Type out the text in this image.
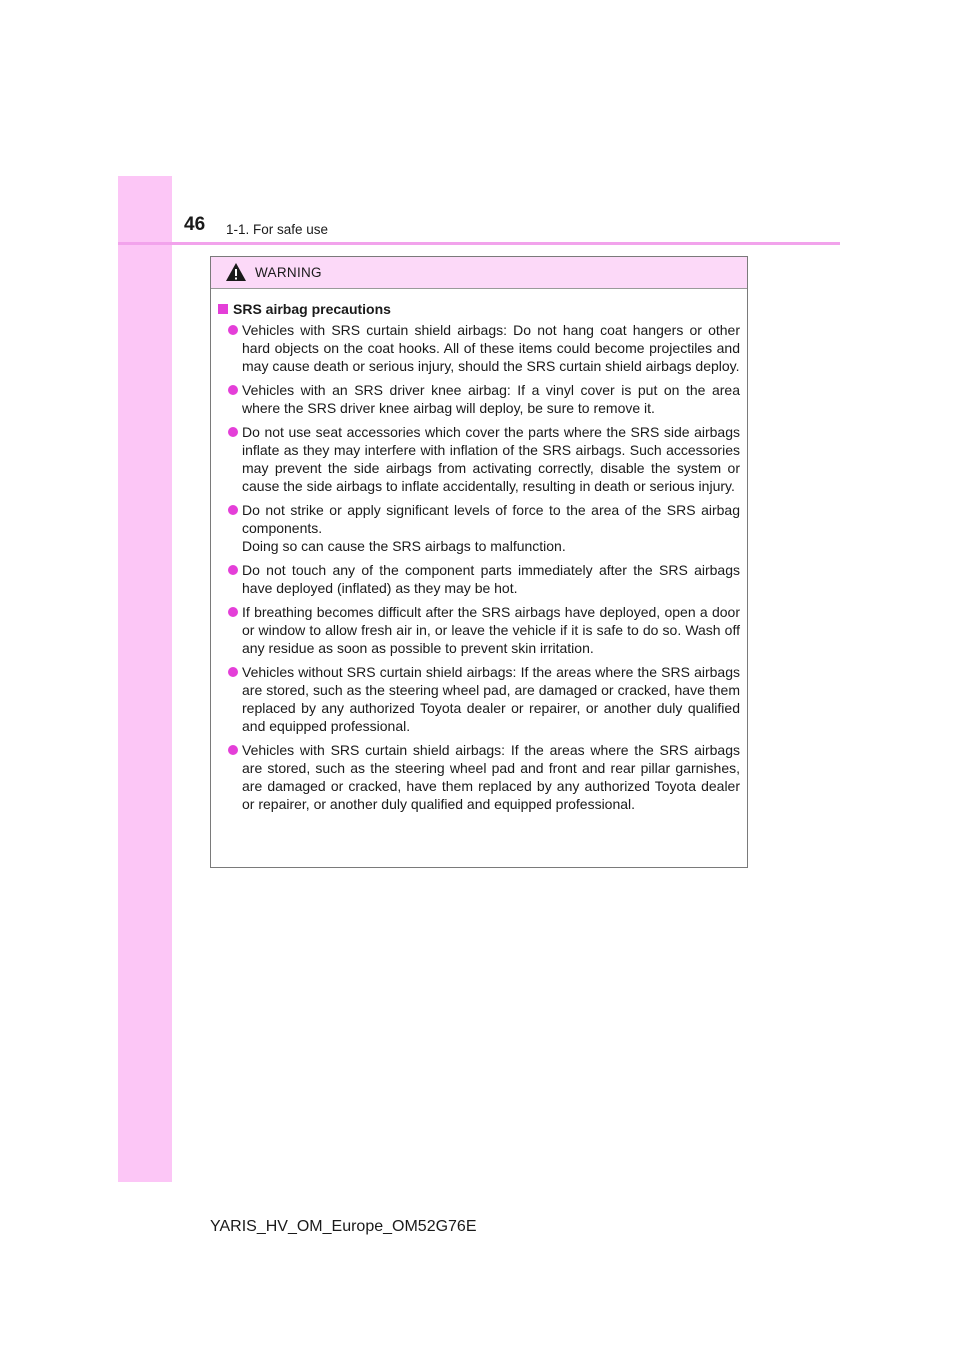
46 1-1. For safe use
WARNING
SRS airbag precautions
Vehicles with SRS curtain shield airbags: Do not hang coat hangers or other hard objects on the coat hooks. All of these items could become projectiles and may cause death or serious injury, should the SRS curtain shield airbags deploy.
Vehicles with an SRS driver knee airbag: If a vinyl cover is put on the area where the SRS driver knee airbag will deploy, be sure to remove it.
Do not use seat accessories which cover the parts where the SRS side airbags inflate as they may interfere with inflation of the SRS airbags. Such accessories may prevent the side airbags from activating correctly, disable the system or cause the side airbags to inflate accidentally, resulting in death or serious injury.
Do not strike or apply significant levels of force to the area of the SRS airbag components.
Doing so can cause the SRS airbags to malfunction.
Do not touch any of the component parts immediately after the SRS airbags have deployed (inflated) as they may be hot.
If breathing becomes difficult after the SRS airbags have deployed, open a door or window to allow fresh air in, or leave the vehicle if it is safe to do so. Wash off any residue as soon as possible to prevent skin irritation.
Vehicles without SRS curtain shield airbags: If the areas where the SRS airbags are stored, such as the steering wheel pad, are damaged or cracked, have them replaced by any authorized Toyota dealer or repairer, or another duly qualified and equipped professional.
Vehicles with SRS curtain shield airbags: If the areas where the SRS airbags are stored, such as the steering wheel pad and front and rear pillar garnishes, are damaged or cracked, have them replaced by any authorized Toyota dealer or repairer, or another duly qualified and equipped professional.
YARIS_HV_OM_Europe_OM52G76E
